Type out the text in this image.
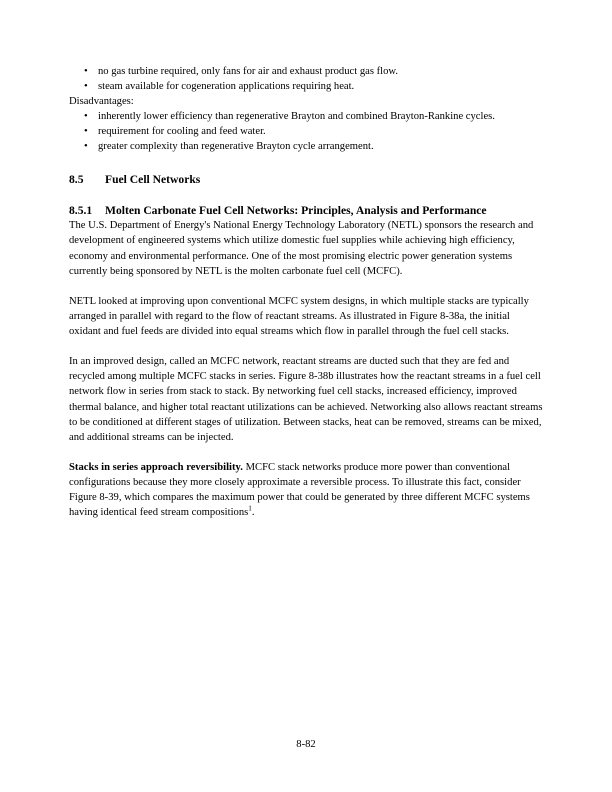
• no gas turbine required, only fans for air and exhaust product gas flow.
• steam available for cogeneration applications requiring heat.
Disadvantages:
• inherently lower efficiency than regenerative Brayton and combined Brayton-Rankine cycles.
• requirement for cooling and feed water.
• greater complexity than regenerative Brayton cycle arrangement.
8.5	Fuel Cell Networks
8.5.1	Molten Carbonate Fuel Cell Networks: Principles, Analysis and Performance

The U.S. Department of Energy's National Energy Technology Laboratory (NETL) sponsors the research and development of engineered systems which utilize domestic fuel supplies while achieving high efficiency, economy and environmental performance. One of the most promising electric power generation systems currently being sponsored by NETL is the molten carbonate fuel cell (MCFC).

NETL looked at improving upon conventional MCFC system designs, in which multiple stacks are typically arranged in parallel with regard to the flow of reactant streams. As illustrated in Figure 8-38a, the initial oxidant and fuel feeds are divided into equal streams which flow in parallel through the fuel cell stacks.

In an improved design, called an MCFC network, reactant streams are ducted such that they are fed and recycled among multiple MCFC stacks in series. Figure 8-38b illustrates how the reactant streams in a fuel cell network flow in series from stack to stack. By networking fuel cell stacks, increased efficiency, improved thermal balance, and higher total reactant utilizations can be achieved. Networking also allows reactant streams to be conditioned at different stages of utilization. Between stacks, heat can be removed, streams can be mixed, and additional streams can be injected.

Stacks in series approach reversibility. MCFC stack networks produce more power than conventional configurations because they more closely approximate a reversible process. To illustrate this fact, consider Figure 8-39, which compares the maximum power that could be generated by three different MCFC systems having identical feed stream compositions$^1$.

8-82
